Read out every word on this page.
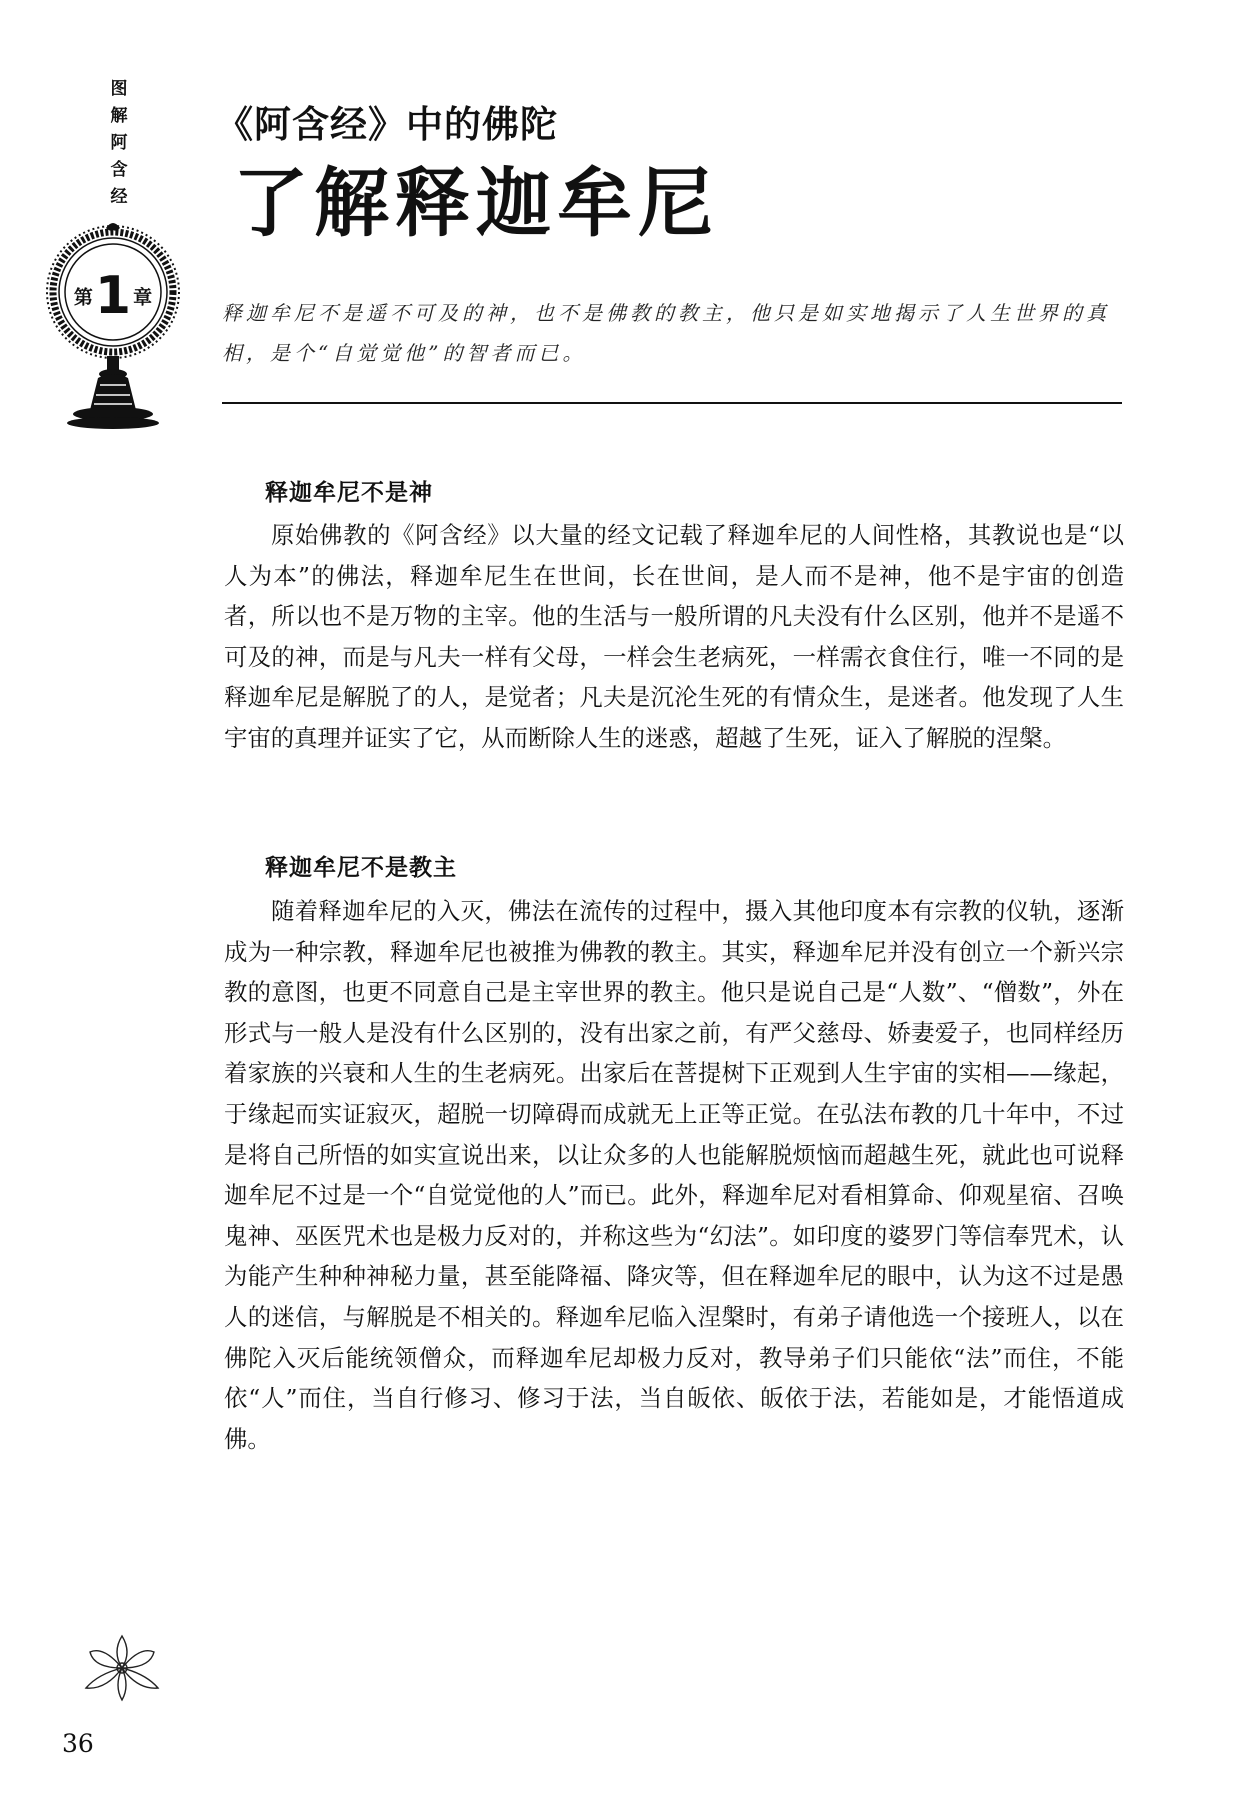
图
解
阿
含
经
第1 章
《阿含经》中的佛陀
了解释迦牟尼
释迦牟尼不是遥不可及的神，也不是佛教的教主，他只是如实地揭示了人生世界的真相，是个“自觉觉他”的智者而已。
释迦牟尼不是神
原始佛教的《阿含经》以大量的经文记载了释迦牟尼的人间性格，其教说也是“以人为本”的佛法，释迦牟尼生在世间，长在世间，是人而不是神，他不是宇宙的创造者，所以也不是万物的主宰。他的生活与一般所谓的凡夫没有什么区别，他并不是遥不可及的神，而是与凡夫一样有父母，一样会生老病死，一样需衣食住行，唯一不同的是释迦牟尼是解脱了的人，是觉者；凡夫是沉沦生死的有情众生，是迷者。他发现了人生宇宙的真理并证实了它，从而断除人生的迷惑，超越了生死，证入了解脱的涅槃。
释迦牟尼不是教主
随着释迦牟尼的入灭，佛法在流传的过程中，摄入其他印度本有宗教的仪轨，逐渐成为一种宗教，释迦牟尼也被推为佛教的教主。其实，释迦牟尼并没有创立一个新兴宗教的意图，也更不同意自己是主宰世界的教主。他只是说自己是“人数”、“僧数”，外在形式与一般人是没有什么区别的，没有出家之前，有严父慈母、娇妻爱子，也同样经历着家族的兴衰和人生的生老病死。出家后在菩提树下正观到人生宇宙的实相——缘起，于缘起而实证寂灭，超脱一切障碍而成就无上正等正觉。在弘法布教的几十年中，不过是将自己所悟的如实宣说出来，以让众多的人也能解脱烦恼而超越生死，就此也可说释迦牟尼不过是一个“自觉觉他的人”而已。此外，释迦牟尼对看相算命、仰观星宿、召唤鬼神、巫医咒术也是极力反对的，并称这些为“幻法”。如印度的婆罗门等信奉咒术，认为能产生种种神秘力量，甚至能降福、降灾等，但在释迦牟尼的眼中，认为这不过是愚人的迷信，与解脱是不相关的。释迦牟尼临入涅槃时，有弟子请他选一个接班人，以在佛陀入灭后能统领僧众，而释迦牟尼却极力反对，教导弟子们只能依“法”而住，不能依“人”而住，当自行修习、修习于法，当自皈依、皈依于法，若能如是，才能悟道成佛。
36
